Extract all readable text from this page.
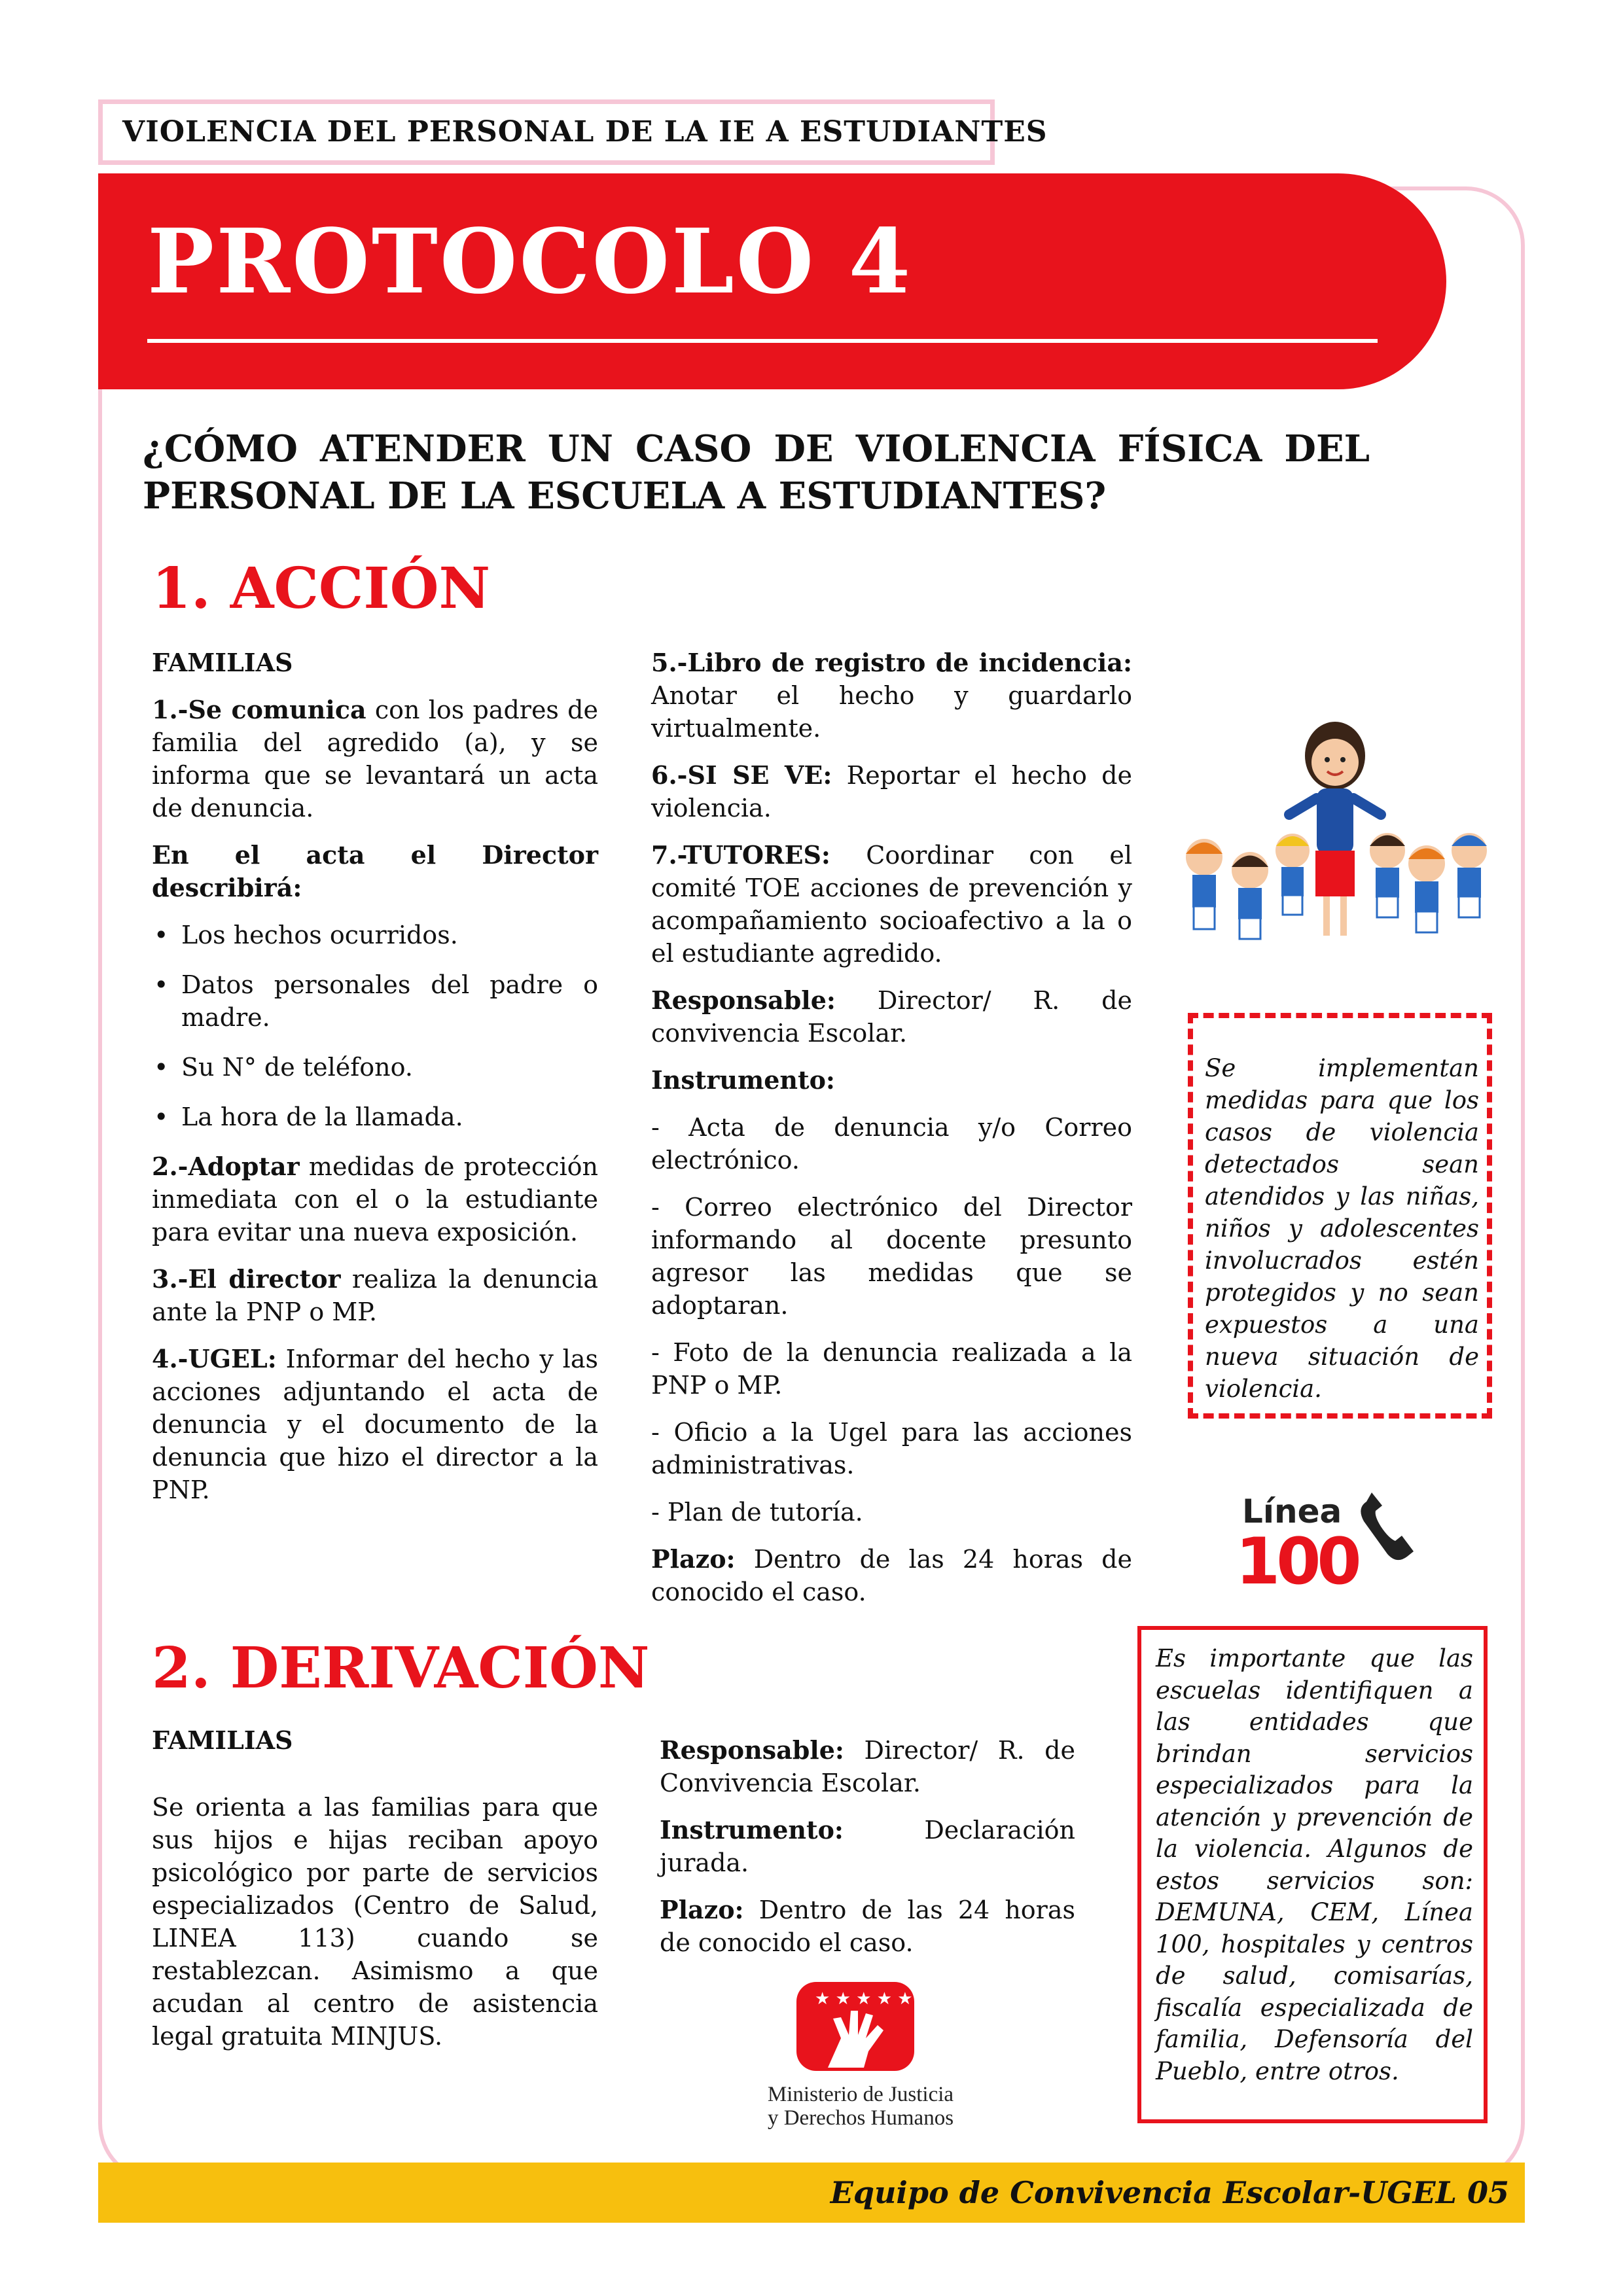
PROTOCOLO 4
VIOLENCIA DEL PERSONAL DE LA IE A ESTUDIANTES
¿CÓMO ATENDER UN CASO DE VIOLENCIA FÍSICA DEL
PERSONAL DE LA ESCUELA A ESTUDIANTES?
1. ACCIÓN

FAMILIAS

1.-Se comunica con los padres de familia del agredido (a), y se informa que se levantará un acta de denuncia.

En el acta el Director describirá:

• Los hechos ocurridos.
• Datos personales del padre o madre.
• Su N° de teléfono.
• La hora de la llamada.

2.-Adoptar medidas de protección inmediata con el o la estudiante para evitar una nueva exposición.

3.-El director realiza la denuncia ante la PNP o MP.

4.-UGEL: Informar del hecho y las acciones adjuntando el acta de denuncia y el documento de la denuncia que hizo el director a la PNP.

5.-Libro de registro de incidencia: Anotar el hecho y guardarlo virtualmente.

6.-SI SE VE: Reportar el hecho de violencia.

7.-TUTORES: Coordinar con el comité TOE acciones de prevención y acompañamiento socioafectivo a la o el estudiante agredido.

Responsable: Director/ R. de convivencia Escolar.

Instrumento:

- Acta de denuncia y/o Correo electrónico.

- Correo electrónico del Director informando al docente presunto agresor las medidas que se adoptaran.

- Foto de la denuncia realizada a la PNP o MP.

- Oficio a la Ugel para las acciones administrativas.

- Plan de tutoría.

Plazo: Dentro de las 24 horas de conocido el caso.

Se implementan medidas para que los casos de violencia detectados sean atendidos y las niñas, niños y adolescentes involucrados estén protegidos y no sean expuestos a una nueva situación de violencia.
Línea
100
2. DERIVACIÓN

FAMILIAS

Se orienta a las familias para que sus hijos e hijas reciban apoyo psicológico por parte de servicios especializados (Centro de Salud, LINEA 113) cuando se restablezcan. Asimismo a que acudan al centro de asistencia legal gratuita MINJUS.

Responsable: Director/ R. de Convivencia Escolar.

Instrumento: Declaración jurada.

Plazo: Dentro de las 24 horas de conocido el caso.

★ ★ ★ ★ ★
Ministerio de Justicia
y Derechos Humanos
Es importante que las escuelas identifiquen a las entidades que brindan servicios especializados para la atención y prevención de la violencia. Algunos de estos servicios son: DEMUNA, CEM, Línea 100, hospitales y centros de salud, comisarías, fiscalía especializada de familia, Defensoría del Pueblo, entre otros.
Equipo de Convivencia Escolar-UGEL 05
